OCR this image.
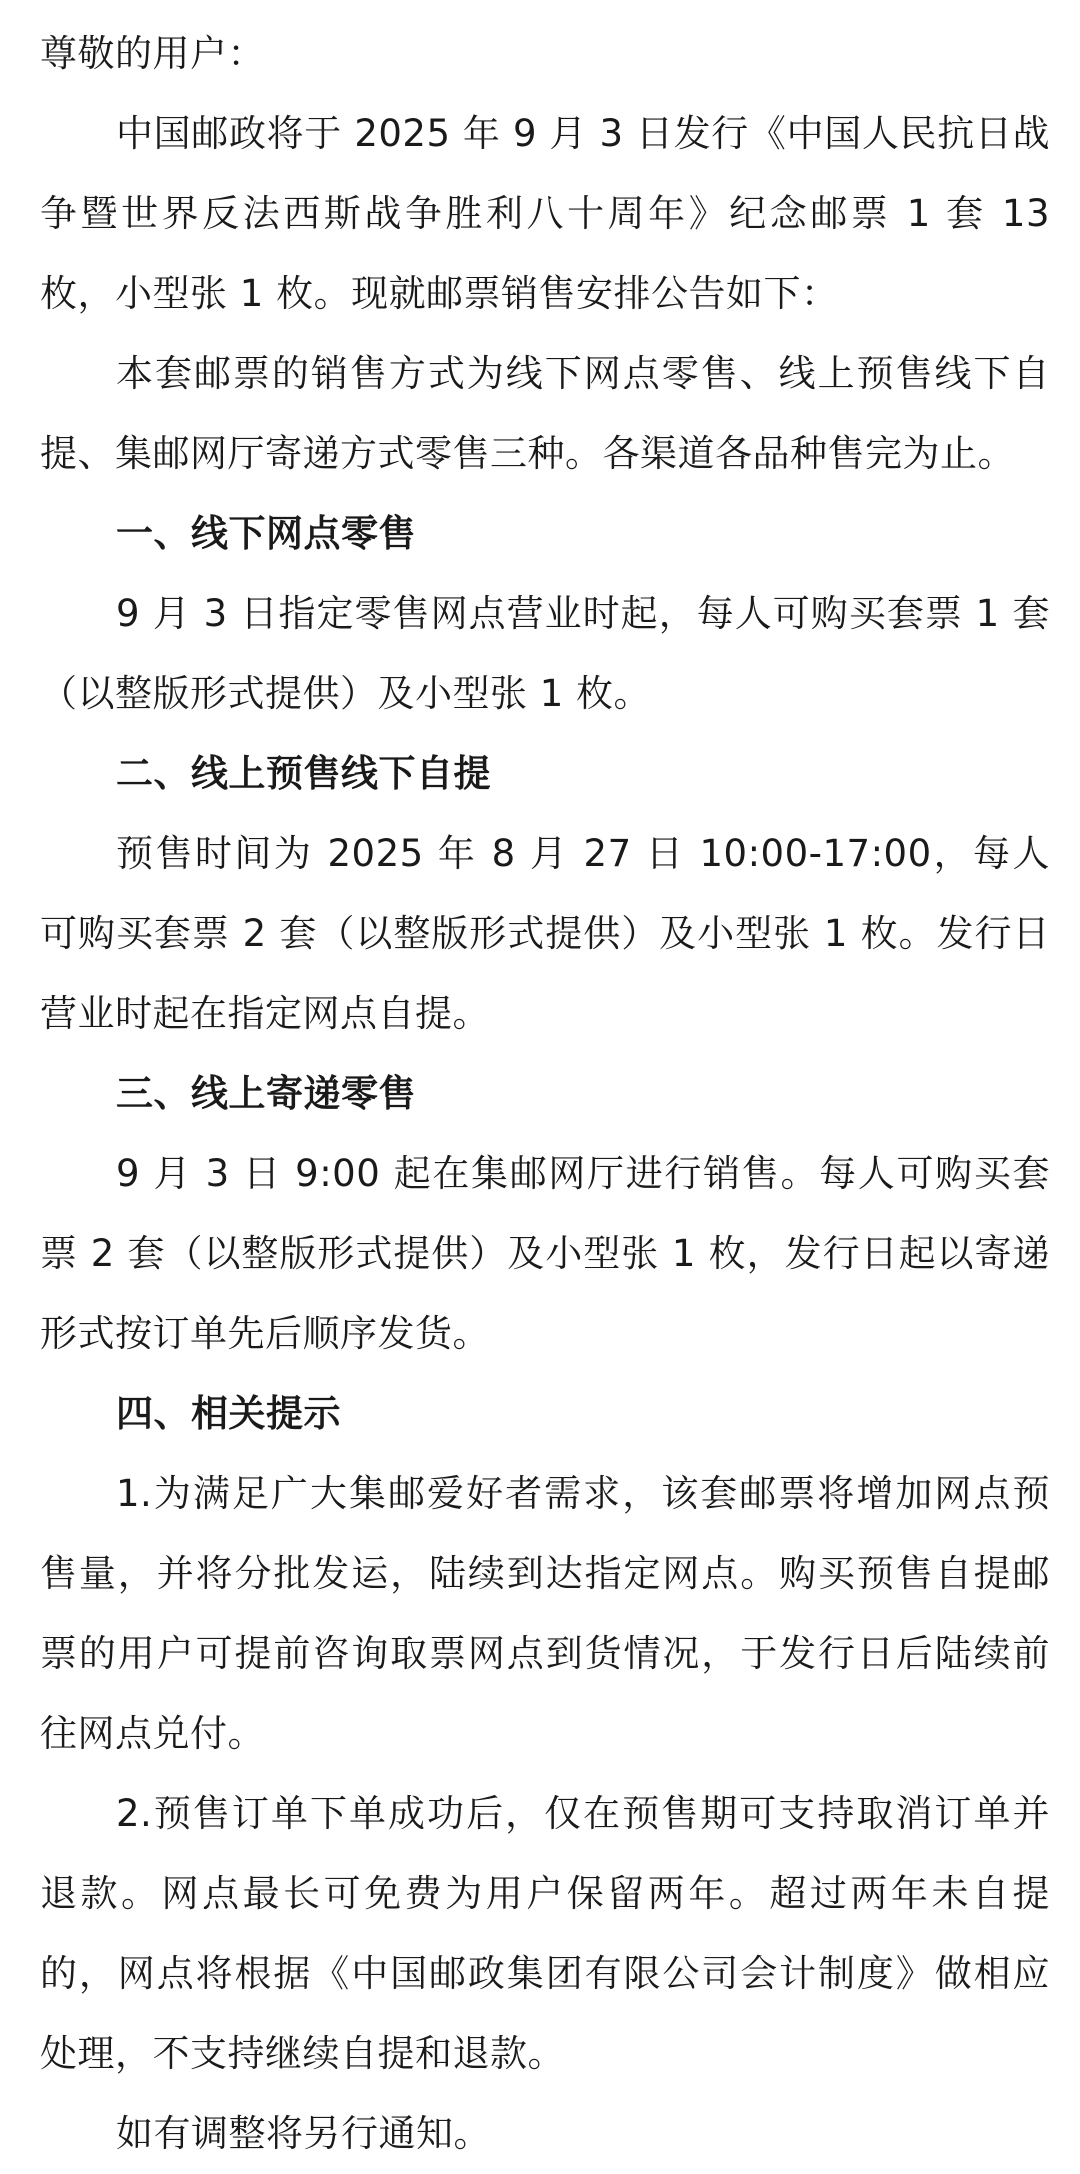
尊敬的用户：

中国邮政将于 2025 年 9 月 3 日发行《中国人民抗日战争暨世界反法西斯战争胜利八十周年》纪念邮票 1 套 13 枚，小型张 1 枚。现就邮票销售安排公告如下：

本套邮票的销售方式为线下网点零售、线上预售线下自提、集邮网厅寄递方式零售三种。各渠道各品种售完为止。

一、线下网点零售

9 月 3 日指定零售网点营业时起，每人可购买套票 1 套（以整版形式提供）及小型张 1 枚。

二、线上预售线下自提

预售时间为 2025 年 8 月 27 日 10:00-17:00，每人可购买套票 2 套（以整版形式提供）及小型张 1 枚。发行日营业时起在指定网点自提。

三、线上寄递零售

9 月 3 日 9:00 起在集邮网厅进行销售。每人可购买套票 2 套（以整版形式提供）及小型张 1 枚，发行日起以寄递形式按订单先后顺序发货。

四、相关提示

1.为满足广大集邮爱好者需求，该套邮票将增加网点预售量，并将分批发运，陆续到达指定网点。购买预售自提邮票的用户可提前咨询取票网点到货情况，于发行日后陆续前往网点兑付。

2.预售订单下单成功后，仅在预售期可支持取消订单并退款。网点最长可免费为用户保留两年。超过两年未自提的，网点将根据《中国邮政集团有限公司会计制度》做相应处理，不支持继续自提和退款。

如有调整将另行通知。
